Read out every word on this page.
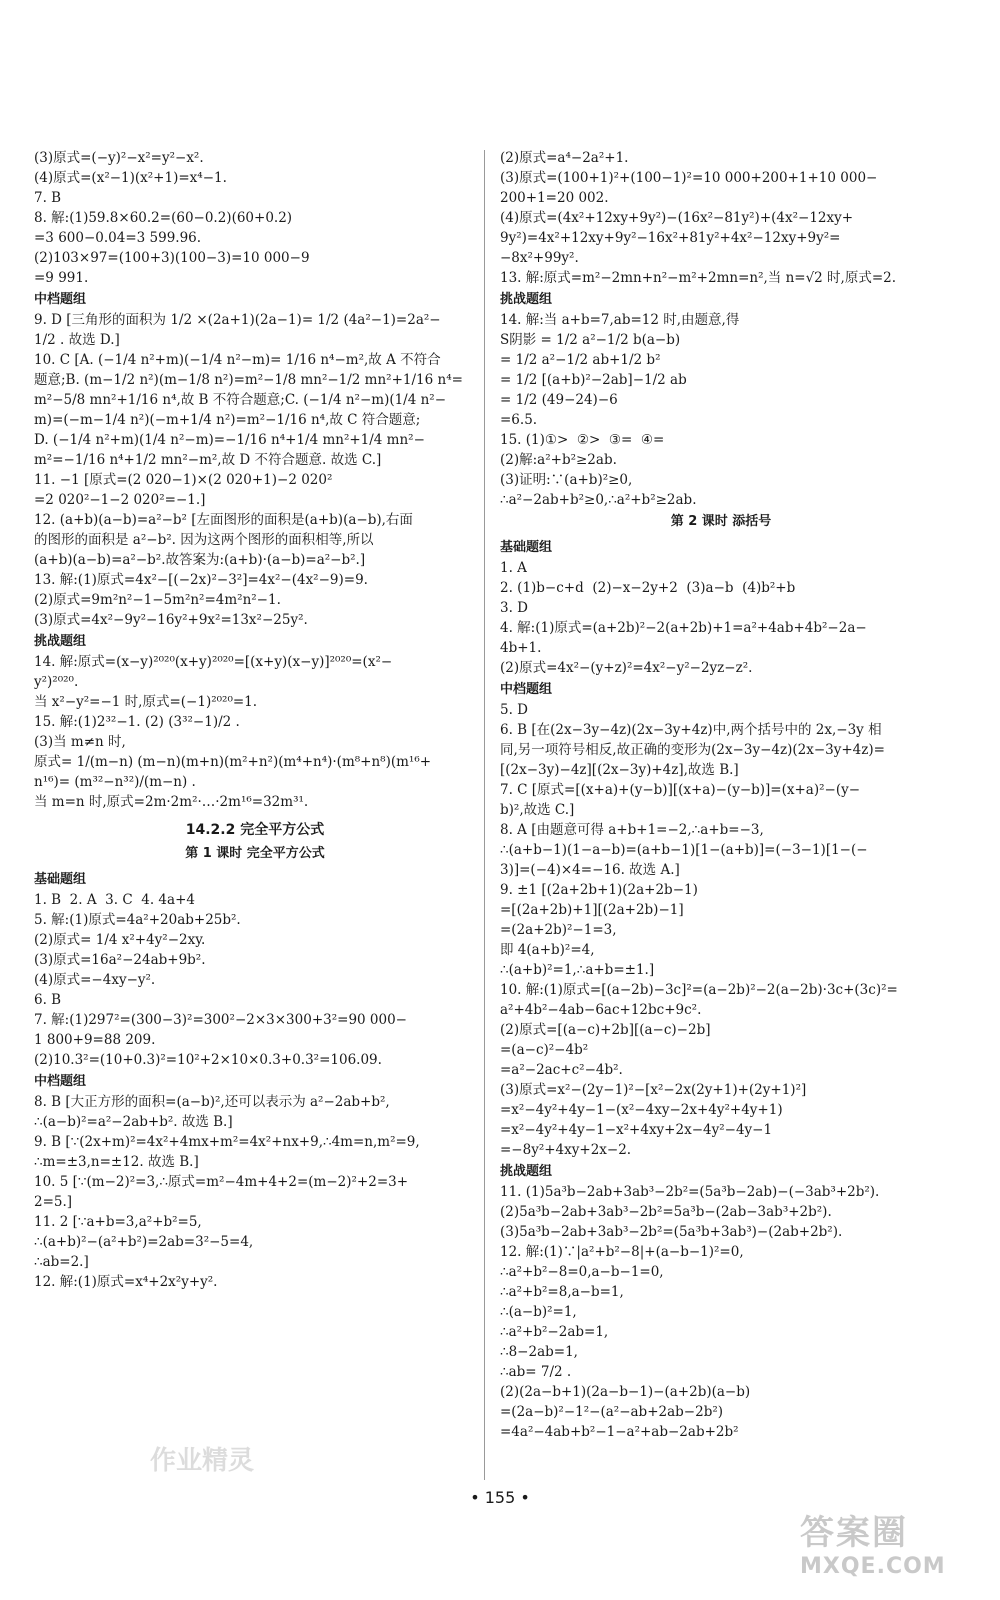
(3)原式=(−y)²−x²=y²−x².
(4)原式=(x²−1)(x²+1)=x⁴−1.
7. B
8. 解:(1)59.8×60.2=(60−0.2)(60+0.2)
=3 600−0.04=3 599.96.
(2)103×97=(100+3)(100−3)=10 000−9
=9 991.
中档题组
9. D [三角形的面积为 1/2 ×(2a+1)(2a−1)= 1/2 (4a²−1)=2a²−
1/2 . 故选 D.]
10. C [A. (−1/4 n²+m)(−1/4 n²−m)= 1/16 n⁴−m²,故 A 不符合
题意;B. (m−1/2 n²)(m−1/8 n²)=m²−1/8 mn²−1/2 mn²+1/16 n⁴=
m²−5/8 mn²+1/16 n⁴,故 B 不符合题意;C. (−1/4 n²−m)(1/4 n²−
m)=(−m−1/4 n²)(−m+1/4 n²)=m²−1/16 n⁴,故 C 符合题意;
D. (−1/4 n²+m)(1/4 n²−m)=−1/16 n⁴+1/4 mn²+1/4 mn²−
m²=−1/16 n⁴+1/2 mn²−m²,故 D 不符合题意. 故选 C.]
11. −1 [原式=(2 020−1)×(2 020+1)−2 020²
=2 020²−1−2 020²=−1.]
12. (a+b)(a−b)=a²−b² [左面图形的面积是(a+b)(a−b),右面
的图形的面积是 a²−b². 因为这两个图形的面积相等,所以
(a+b)(a−b)=a²−b².故答案为:(a+b)·(a−b)=a²−b².]
13. 解:(1)原式=4x²−[(−2x)²−3²]=4x²−(4x²−9)=9.
(2)原式=9m²n²−1−5m²n²=4m²n²−1.
(3)原式=4x²−9y²−16y²+9x²=13x²−25y².
挑战题组
14. 解:原式=(x−y)²⁰²⁰(x+y)²⁰²⁰=[(x+y)(x−y)]²⁰²⁰=(x²−
y²)²⁰²⁰.
当 x²−y²=−1 时,原式=(−1)²⁰²⁰=1.
15. 解:(1)2³²−1. (2) (3³²−1)/2 .
(3)当 m≠n 时,
原式= 1/(m−n) (m−n)(m+n)(m²+n²)(m⁴+n⁴)·(m⁸+n⁸)(m¹⁶+
n¹⁶)= (m³²−n³²)/(m−n) .
当 m=n 时,原式=2m·2m²·…·2m¹⁶=32m³¹.
14.2.2 完全平方公式
第 1 课时 完全平方公式
基础题组
1. B  2. A  3. C  4. 4a+4
5. 解:(1)原式=4a²+20ab+25b².
(2)原式= 1/4 x²+4y²−2xy.
(3)原式=16a²−24ab+9b².
(4)原式=−4xy−y².
6. B
7. 解:(1)297²=(300−3)²=300²−2×3×300+3²=90 000−
1 800+9=88 209.
(2)10.3²=(10+0.3)²=10²+2×10×0.3+0.3²=106.09.
中档题组
8. B [大正方形的面积=(a−b)²,还可以表示为 a²−2ab+b²,
∴(a−b)²=a²−2ab+b². 故选 B.]
9. B [∵(2x+m)²=4x²+4mx+m²=4x²+nx+9,∴4m=n,m²=9,
∴m=±3,n=±12. 故选 B.]
10. 5 [∵(m−2)²=3,∴原式=m²−4m+4+2=(m−2)²+2=3+
2=5.]
11. 2 [∵a+b=3,a²+b²=5,
∴(a+b)²−(a²+b²)=2ab=3²−5=4,
∴ab=2.]
12. 解:(1)原式=x⁴+2x²y+y².
(2)原式=a⁴−2a²+1.
(3)原式=(100+1)²+(100−1)²=10 000+200+1+10 000−
200+1=20 002.
(4)原式=(4x²+12xy+9y²)−(16x²−81y²)+(4x²−12xy+
9y²)=4x²+12xy+9y²−16x²+81y²+4x²−12xy+9y²=
−8x²+99y².
13. 解:原式=m²−2mn+n²−m²+2mn=n²,当 n=√2 时,原式=2.
挑战题组
14. 解:当 a+b=7,ab=12 时,由题意,得
S阴影 = 1/2 a²−1/2 b(a−b)
= 1/2 a²−1/2 ab+1/2 b²
= 1/2 [(a+b)²−2ab]−1/2 ab
= 1/2 (49−24)−6
=6.5.
15. (1)①>  ②>  ③=  ④=
(2)解:a²+b²≥2ab.
(3)证明:∵(a+b)²≥0,
∴a²−2ab+b²≥0,∴a²+b²≥2ab.
第 2 课时 添括号
基础题组
1. A
2. (1)b−c+d  (2)−x−2y+2  (3)a−b  (4)b²+b
3. D
4. 解:(1)原式=(a+2b)²−2(a+2b)+1=a²+4ab+4b²−2a−
4b+1.
(2)原式=4x²−(y+z)²=4x²−y²−2yz−z².
中档题组
5. D
6. B [在(2x−3y−4z)(2x−3y+4z)中,两个括号中的 2x,−3y 相
同,另一项符号相反,故正确的变形为(2x−3y−4z)(2x−3y+4z)=
[(2x−3y)−4z][(2x−3y)+4z],故选 B.]
7. C [原式=[(x+a)+(y−b)][(x+a)−(y−b)]=(x+a)²−(y−
b)²,故选 C.]
8. A [由题意可得 a+b+1=−2,∴a+b=−3,
∴(a+b−1)(1−a−b)=(a+b−1)[1−(a+b)]=(−3−1)[1−(−
3)]=(−4)×4=−16. 故选 A.]
9. ±1 [(2a+2b+1)(2a+2b−1)
=[(2a+2b)+1][(2a+2b)−1]
=(2a+2b)²−1=3,
即 4(a+b)²=4,
∴(a+b)²=1,∴a+b=±1.]
10. 解:(1)原式=[(a−2b)−3c]²=(a−2b)²−2(a−2b)·3c+(3c)²=
a²+4b²−4ab−6ac+12bc+9c².
(2)原式=[(a−c)+2b][(a−c)−2b]
=(a−c)²−4b²
=a²−2ac+c²−4b².
(3)原式=x²−(2y−1)²−[x²−2x(2y+1)+(2y+1)²]
=x²−4y²+4y−1−(x²−4xy−2x+4y²+4y+1)
=x²−4y²+4y−1−x²+4xy+2x−4y²−4y−1
=−8y²+4xy+2x−2.
挑战题组
11. (1)5a³b−2ab+3ab³−2b²=(5a³b−2ab)−(−3ab³+2b²).
(2)5a³b−2ab+3ab³−2b²=5a³b−(2ab−3ab³+2b²).
(3)5a³b−2ab+3ab³−2b²=(5a³b+3ab³)−(2ab+2b²).
12. 解:(1)∵|a²+b²−8|+(a−b−1)²=0,
∴a²+b²−8=0,a−b−1=0,
∴a²+b²=8,a−b=1,
∴(a−b)²=1,
∴a²+b²−2ab=1,
∴8−2ab=1,
∴ab= 7/2 .
(2)(2a−b+1)(2a−b−1)−(a+2b)(a−b)
=(2a−b)²−1²−(a²−ab+2ab−2b²)
=4a²−4ab+b²−1−a²+ab−2ab+2b²
作业精灵
• 155 •
答案圈
MXQE.COM
